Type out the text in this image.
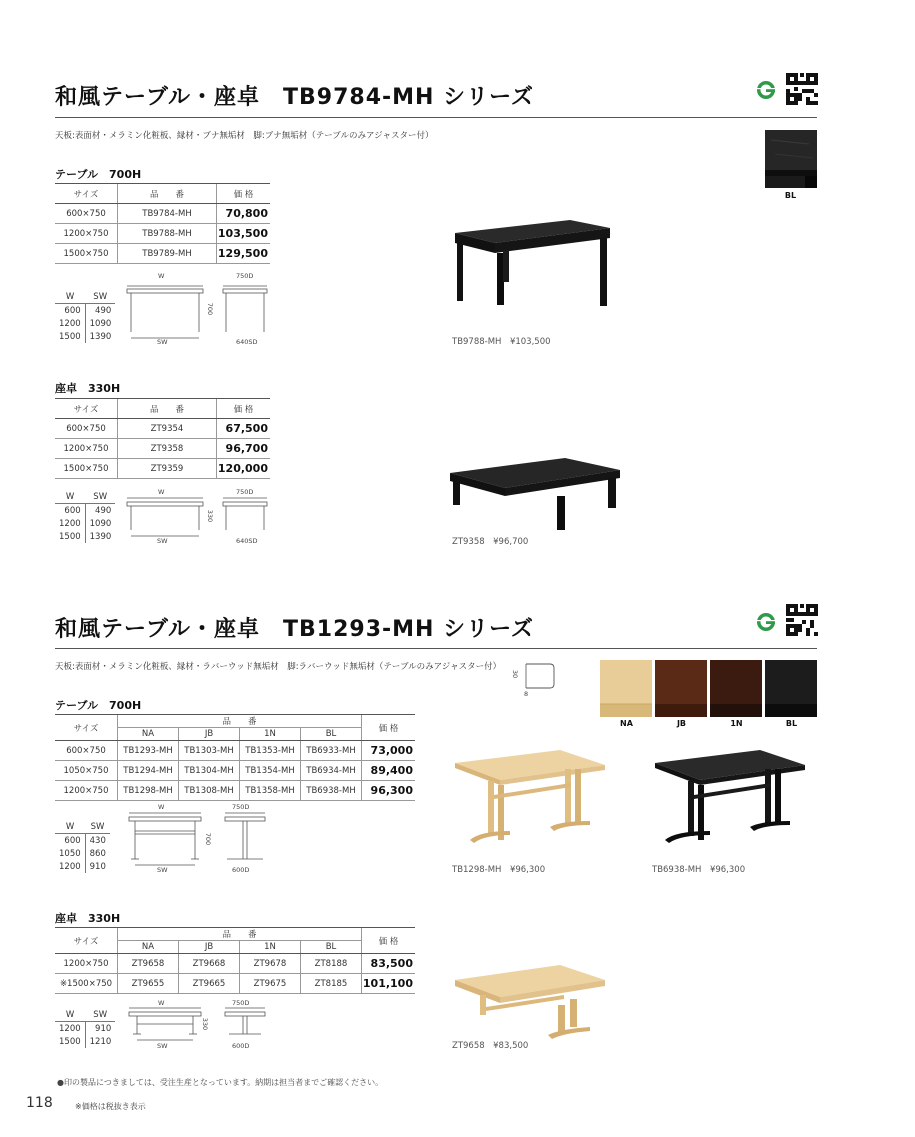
和風テーブル・座卓　TB9784-MH シリーズ
天板:表面材・メラミン化粧板、縁材・ブナ無垢材　脚:ブナ無垢材（テーブルのみアジャスター付）
BL
テーブル　700H
サイズ	品　　番	価 格
600×750	TB9784-MH	70,800
1200×750	TB9788-MH	103,500
1500×750	TB9789-MH	129,500
W	SW
600	490
1200	1090
1500	1390
W
SW
700
750D
640SD	TB9788-MH　¥103,500
座卓　330H
サイズ	品　　番	価 格
600×750	ZT9354	67,500
1200×750	ZT9358	96,700
1500×750	ZT9359	120,000
W	SW
600	490
1200	1090
1500	1390
W
SW
330
750D
640SD	ZT9358　¥96,700
和風テーブル・座卓　TB1293-MH シリーズ
天板:表面材・メラミン化粧板、縁材・ラバーウッド無垢材　脚:ラバーウッド無垢材（テーブルのみアジャスター付）
30
8
NA	JB	1N	BL
テーブル　700H
サイズ	品　　番				価 格
	NA	JB	1N	BL	
600×750	TB1293-MH	TB1303-MH	TB1353-MH	TB6933-MH	73,000
1050×750	TB1294-MH	TB1304-MH	TB1354-MH	TB6934-MH	89,400
1200×750	TB1298-MH	TB1308-MH	TB1358-MH	TB6938-MH	96,300
W	SW
600	430
1050	860
1200	910
W
SW
700
750D
600D	TB1298-MH　¥96,300	TB6938-MH　¥96,300
座卓　330H
サイズ	品　　番				価 格
	NA	JB	1N	BL	
1200×750	ZT9658	ZT9668	ZT9678	ZT8188	83,500
※1500×750	ZT9655	ZT9665	ZT9675	ZT8185	101,100
W	SW
1200	910
1500	1210
W
SW
330
750D
600D	ZT9658　¥83,500
●印の製品につきましては、受注生産となっています。納期は担当者までご確認ください。
118	※価格は税抜き表示
